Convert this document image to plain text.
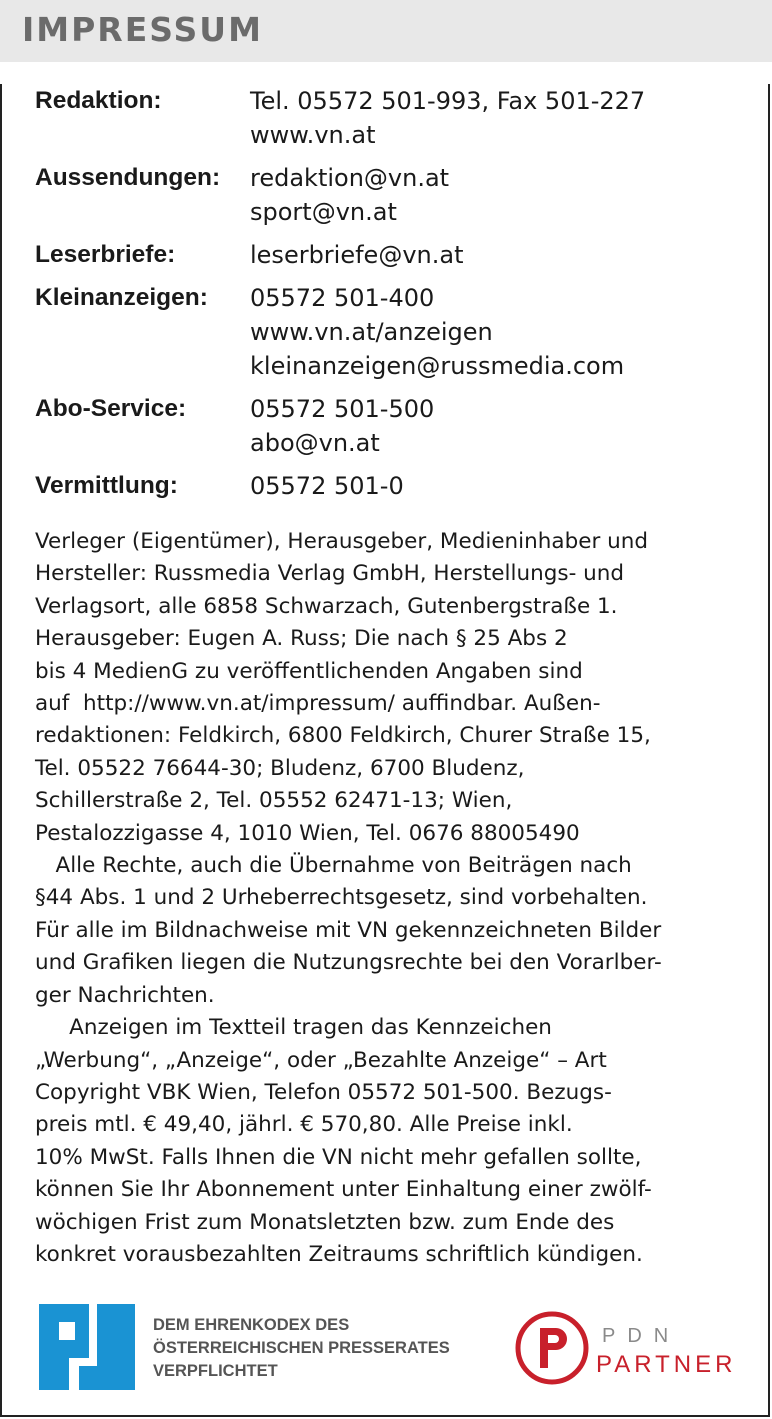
IMPRESSUM
Redaktion:	Tel. 05572 501-993, Fax 501-227
www.vn.at
Aussendungen:	redaktion@vn.at
sport@vn.at
Leserbriefe:	leserbriefe@vn.at
Kleinanzeigen:	05572 501-400
www.vn.at/anzeigen
kleinanzeigen@russmedia.com
Abo-Service:	05572 501-500
abo@vn.at
Vermittlung:	05572 501-0
Verleger (Eigentümer), Herausgeber, Medieninhaber und
Hersteller: Russmedia Verlag GmbH, Herstellungs- und
Verlagsort, alle 6858 Schwarzach, Gutenbergstraße 1.
Herausgeber: Eugen A. Russ; Die nach § 25 Abs 2
bis 4 MedienG zu veröffentlichenden Angaben sind
auf  http://www.vn.at/impressum/ auffindbar. Außen-
redaktionen: Feldkirch, 6800 Feldkirch, Churer Straße 15,
Tel. 05522 76644-30; Bludenz, 6700 Bludenz,
Schillerstraße 2, Tel. 05552 62471-13; Wien,
Pestalozzigasse 4, 1010 Wien, Tel. 0676 88005490
Alle Rechte, auch die Übernahme von Beiträgen nach
§44 Abs. 1 und 2 Urheberrechtsgesetz, sind vorbehalten.
Für alle im Bildnachweise mit VN gekennzeichneten Bilder
und Grafiken liegen die Nutzungsrechte bei den Vorarlber-
ger Nachrichten.
Anzeigen im Textteil tragen das Kennzeichen
„Werbung“, „Anzeige“, oder „Bezahlte Anzeige“ – Art
Copyright VBK Wien, Telefon 05572 501-500. Bezugs-
preis mtl. € 49,40, jährl. € 570,80. Alle Preise inkl.
10% MwSt. Falls Ihnen die VN nicht mehr gefallen sollte,
können Sie Ihr Abonnement unter Einhaltung einer zwölf-
wöchigen Frist zum Monatsletzten bzw. zum Ende des
konkret vorausbezahlten Zeitraums schriftlich kündigen.
DEM EHRENKODEX DES
ÖSTERREICHISCHEN PRESSERATES
VERPFLICHTET
PDN
PARTNER
